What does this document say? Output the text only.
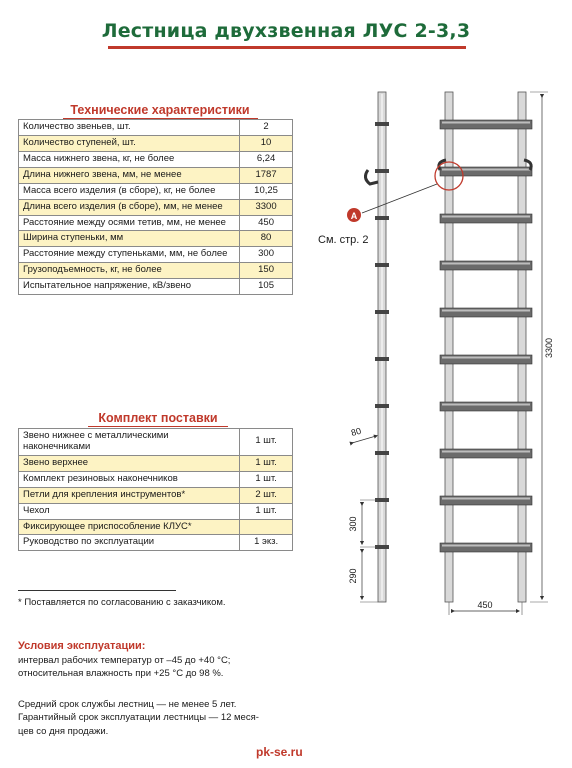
Лестница двухзвенная ЛУС 2-3,3
Технические характеристики
Количество звеньев, шт.	2
Количество ступеней, шт.	10
Масса нижнего звена, кг, не более	6,24
Длина нижнего звена, мм, не менее	1787
Масса всего изделия (в сборе), кг, не более	10,25
Длина всего изделия (в сборе), мм, не менее	3300
Расстояние между осями тетив, мм, не менее	450
Ширина ступеньки, мм	80
Расстояние между ступеньками, мм, не более	300
Грузоподъемность, кг, не более	150
Испытательное напряжение, кВ/звено	105
Комплект поставки
Звено нижнее с металлическими наконечниками	1 шт.
Звено верхнее	1 шт.
Комплект резиновых наконечников	1 шт.
Петли для крепления инструментов*	2 шт.
Чехол	1 шт.
Фиксирующее приспособление КЛУС*	
Руководство по эксплуатации	1 экз.
* Поставляется по согласованию с заказчиком.
Условия эксплуатации:
интервал рабочих температур от –45 до +40 °С;
относительная влажность при +25 °С до 98 %.
Средний срок службы лестниц — не менее 5 лет.
Гарантийный срок эксплуатации лестницы — 12 меся-
цев со дня продажи.
pk-se.ru
А
См. стр. 2
3300
450
80
300
290
